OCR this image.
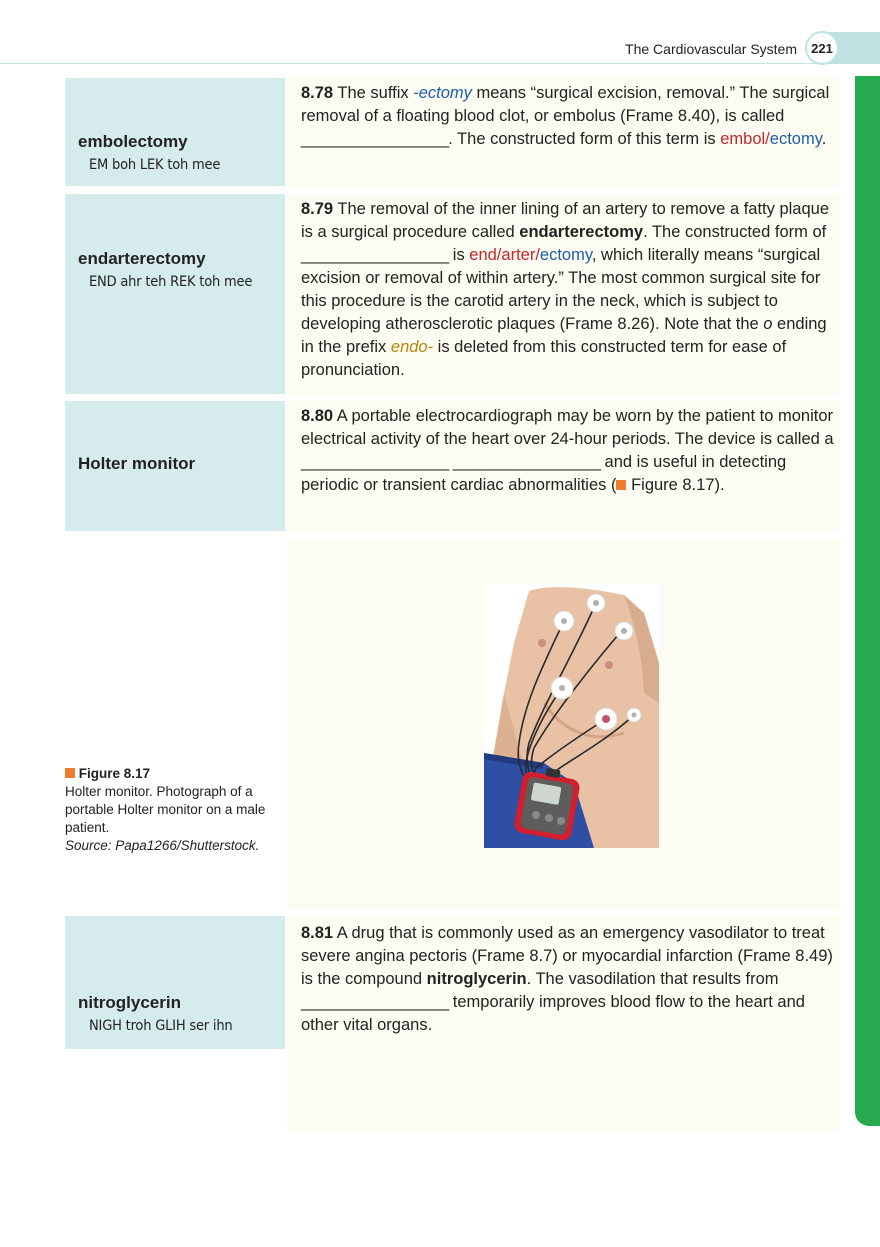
The Cardiovascular System	221
embolectomy
EM boh LEK toh mee
8.78 The suffix -ectomy means “surgical excision, removal.” The surgical removal of a floating blood clot, or embolus (Frame 8.40), is called __________________. The constructed form of this term is embol/ectomy.
endarterectomy
END ahr teh REK toh mee
8.79 The removal of the inner lining of an artery to remove a fatty plaque is a surgical procedure called endarterectomy. The constructed form of __________________ is end/arter/ectomy, which literally means “surgical excision or removal of within artery.” The most common surgical site for this procedure is the carotid artery in the neck, which is subject to developing atherosclerotic plaques (Frame 8.26). Note that the o ending in the prefix endo- is deleted from this constructed term for ease of pronunciation.
Holter monitor
8.80 A portable electrocardiograph may be worn by the patient to monitor electrical activity of the heart over 24-hour periods. The device is called a __________________ __________________ and is useful in detecting periodic or transient cardiac abnormalities ( Figure 8.17).
Figure 8.17
Holter monitor. Photograph of a portable Holter monitor on a male patient.
Source: Papa1266/Shutterstock.
nitroglycerin
NIGH troh GLIH ser ihn
8.81 A drug that is commonly used as an emergency vasodilator to treat severe angina pectoris (Frame 8.7) or myocardial infarction (Frame 8.49) is the compound nitroglycerin. The vasodilation that results from __________________ temporarily improves blood flow to the heart and other vital organs.
